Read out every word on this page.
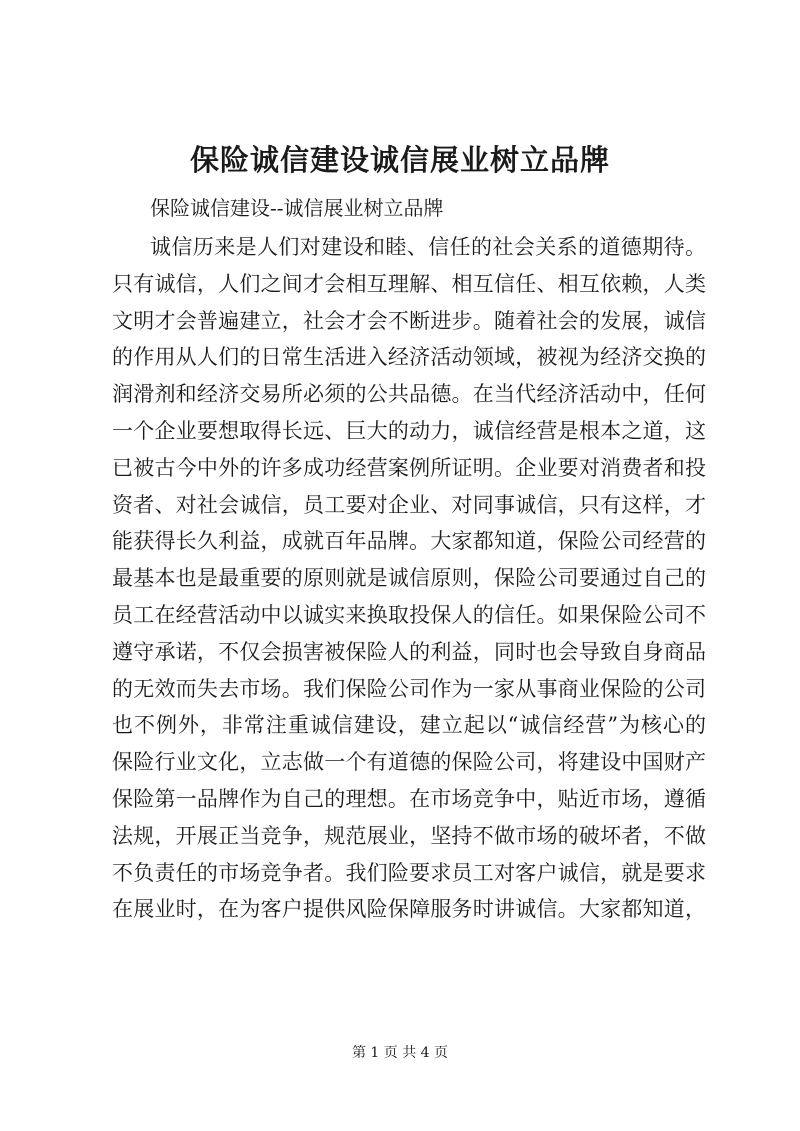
保险诚信建设诚信展业树立品牌

保险诚信建设--诚信展业树立品牌

诚信历来是人们对建设和睦、信任的社会关系的道德期待。
只有诚信，人们之间才会相互理解、相互信任、相互依赖，人类
文明才会普遍建立，社会才会不断进步。随着社会的发展，诚信
的作用从人们的日常生活进入经济活动领域，被视为经济交换的
润滑剂和经济交易所必须的公共品德。在当代经济活动中，任何
一个企业要想取得长远、巨大的动力，诚信经营是根本之道，这
已被古今中外的许多成功经营案例所证明。企业要对消费者和投
资者、对社会诚信，员工要对企业、对同事诚信，只有这样，才
能获得长久利益，成就百年品牌。大家都知道，保险公司经营的
最基本也是最重要的原则就是诚信原则，保险公司要通过自己的
员工在经营活动中以诚实来换取投保人的信任。如果保险公司不
遵守承诺，不仅会损害被保险人的利益，同时也会导致自身商品
的无效而失去市场。我们保险公司作为一家从事商业保险的公司
也不例外，非常注重诚信建设，建立起以“诚信经营”为核心的
保险行业文化，立志做一个有道德的保险公司，将建设中国财产
保险第一品牌作为自己的理想。在市场竞争中，贴近市场，遵循
法规，开展正当竞争，规范展业，坚持不做市场的破坏者，不做
不负责任的市场竞争者。我们险要求员工对客户诚信，就是要求
在展业时，在为客户提供风险保障服务时讲诚信。大家都知道，

第 1 页 共 4 页
